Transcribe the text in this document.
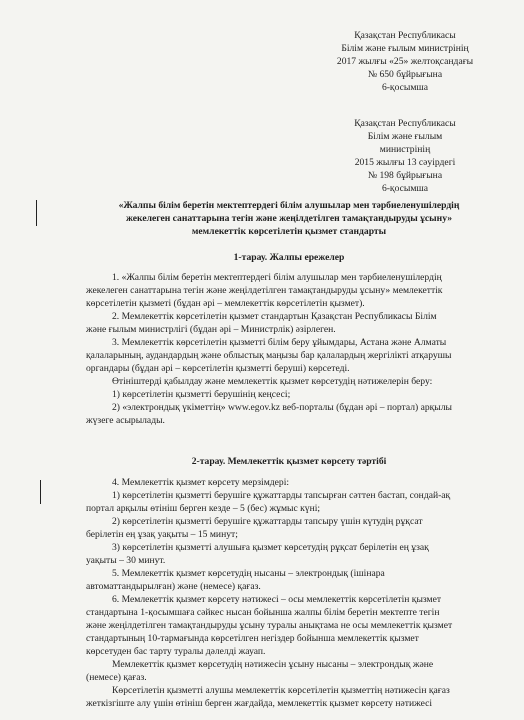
Қазақстан Республикасы
Білім және ғылым министрінің
2017 жылғы «25» желтоқсандағы
№ 650 бұйрығына
6-қосымша
Қазақстан Республикасы
Білім және ғылым
министрінің
2015 жылғы 13 сәуірдегі
№ 198 бұйрығына
6-қосымша
«Жалпы білім беретін мектептердегі білім алушылар мен тәрбиеленушілердің
жекелеген санаттарына тегін және жеңілдетілген тамақтандыруды ұсыну»
мемлекеттік көрсетілетін қызмет стандарты
1-тарау. Жалпы ережелер
1. «Жалпы білім беретін мектептердегі білім алушылар мен тәрбиеленушілердің
жекелеген санаттарына тегін және жеңілдетілген тамақтандыруды ұсыну» мемлекеттік
көрсетілетін қызметі (бұдан әрі – мемлекеттік көрсетілетін қызмет).
2. Мемлекеттік көрсетілетін қызмет стандартын Қазақстан Республикасы Білім
және ғылым министрлігі (бұдан әрі – Министрлік) әзірлеген.
3. Мемлекеттік көрсетілетін қызметті білім беру ұйымдары, Астана және Алматы
қалаларының, аудандардың және облыстық маңызы бар қалалардың жергілікті атқарушы
органдары (бұдан әрі – көрсетілетін қызметті беруші) көрсетеді.
Өтініштерді қабылдау және мемлекеттік қызмет көрсетудің нәтижелерін беру:
1) көрсетілетін қызметті берушінің кеңсесі;
2) «электрондық үкіметтің» www.egov.kz веб-порталы (бұдан әрі – портал) арқылы
жүзеге асырылады.
2-тарау. Мемлекеттік қызмет көрсету тәртібі
4. Мемлекеттік қызмет көрсету мерзімдері:
1) көрсетілетін қызметті берушіге құжаттарды тапсырған сәттен бастап, сондай-ақ
портал арқылы өтініш берген кезде – 5 (бес) жұмыс күні;
2) көрсетілетін қызметті берушіге құжаттарды тапсыру үшін күтудің рұқсат
берілетін ең ұзақ уақыты – 15 минут;
3) көрсетілетін қызметті алушыға қызмет көрсетудің рұқсат берілетін ең ұзақ
уақыты – 30 минут.
5. Мемлекеттік қызмет көрсетудің нысаны – электрондық (ішінара
автоматтандырылған) және (немесе) қағаз.
6. Мемлекеттік қызмет көрсету нәтижесі – осы мемлекеттік көрсетілетін қызмет
стандартына 1-қосымшаға сәйкес нысан бойынша жалпы білім беретін мектепте тегін
және жеңілдетілген тамақтандыруды ұсыну туралы анықтама не осы мемлекеттік қызмет
стандартының 10-тармағында көрсетілген негіздер бойынша мемлекеттік қызмет
көрсетуден бас тарту туралы дәлелді жауап.
Мемлекеттік қызмет көрсетудің нәтижесін ұсыну нысаны – электрондық және
(немесе) қағаз.
Көрсетілетін қызметті алушы мемлекеттік көрсетілетін қызметтің нәтижесін қағаз
жеткізгіште алу үшін өтініш берген жағдайда, мемлекеттік қызмет көрсету нәтижесі
